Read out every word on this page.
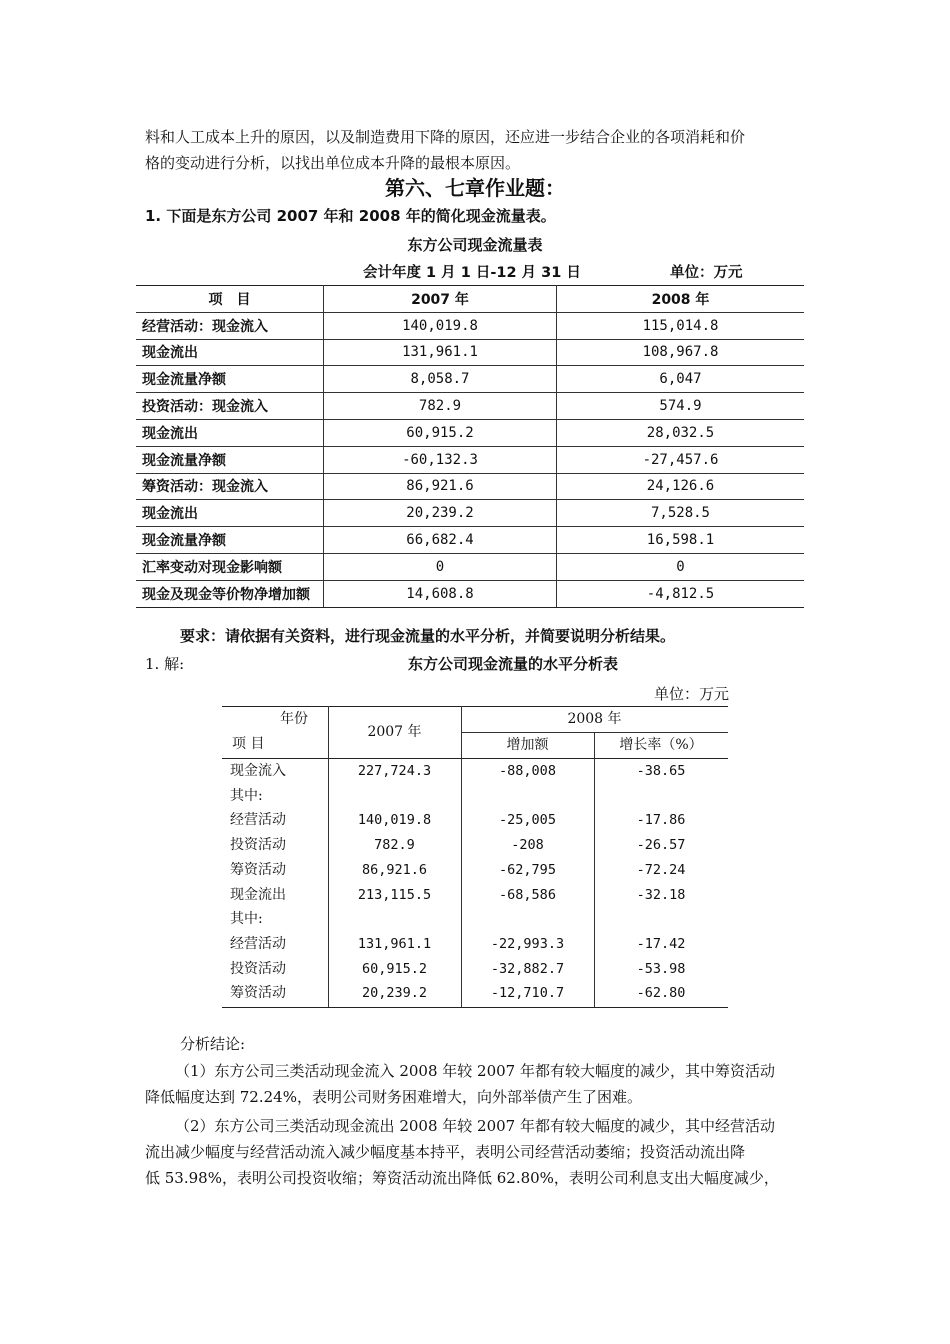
料和人工成本上升的原因，以及制造费用下降的原因，还应进一步结合企业的各项消耗和价
格的变动进行分析，以找出单位成本升降的最根本原因。
第六、七章作业题：
1. 下面是东方公司 2007 年和 2008 年的简化现金流量表。
东方公司现金流量表
会计年度 1 月 1 日-12 月 31 日	单位：万元
项　目	2007 年	2008 年
经营活动：现金流入	140,019.8	115,014.8
现金流出	131,961.1	108,967.8
现金流量净额	8,058.7	6,047
投资活动：现金流入	782.9	574.9
现金流出	60,915.2	28,032.5
现金流量净额	-60,132.3	-27,457.6
筹资活动：现金流入	86,921.6	24,126.6
现金流出	20,239.2	7,528.5
现金流量净额	66,682.4	16,598.1
汇率变动对现金影响额	0	0
现金及现金等价物净增加额	14,608.8	-4,812.5
要求：请依据有关资料，进行现金流量的水平分析，并简要说明分析结果。
1. 解:	东方公司现金流量的水平分析表
单位：万元
年份
项 目
2007 年
2008 年
增加额	增长率（%）
现金流入	227,724.3	-88,008	-38.65
其中:
经营活动	140,019.8	-25,005	-17.86
投资活动	782.9	-208	-26.57
筹资活动	86,921.6	-62,795	-72.24
现金流出	213,115.5	-68,586	-32.18
其中:
经营活动	131,961.1	-22,993.3	-17.42
投资活动	60,915.2	-32,882.7	-53.98
筹资活动	20,239.2	-12,710.7	-62.80
分析结论:
（1）东方公司三类活动现金流入 2008 年较 2007 年都有较大幅度的减少，其中筹资活动
降低幅度达到 72.24%，表明公司财务困难增大，向外部举债产生了困难。
（2）东方公司三类活动现金流出 2008 年较 2007 年都有较大幅度的减少，其中经营活动
流出减少幅度与经营活动流入减少幅度基本持平，表明公司经营活动萎缩；投资活动流出降
低 53.98%，表明公司投资收缩；筹资活动流出降低 62.80%，表明公司利息支出大幅度减少，
